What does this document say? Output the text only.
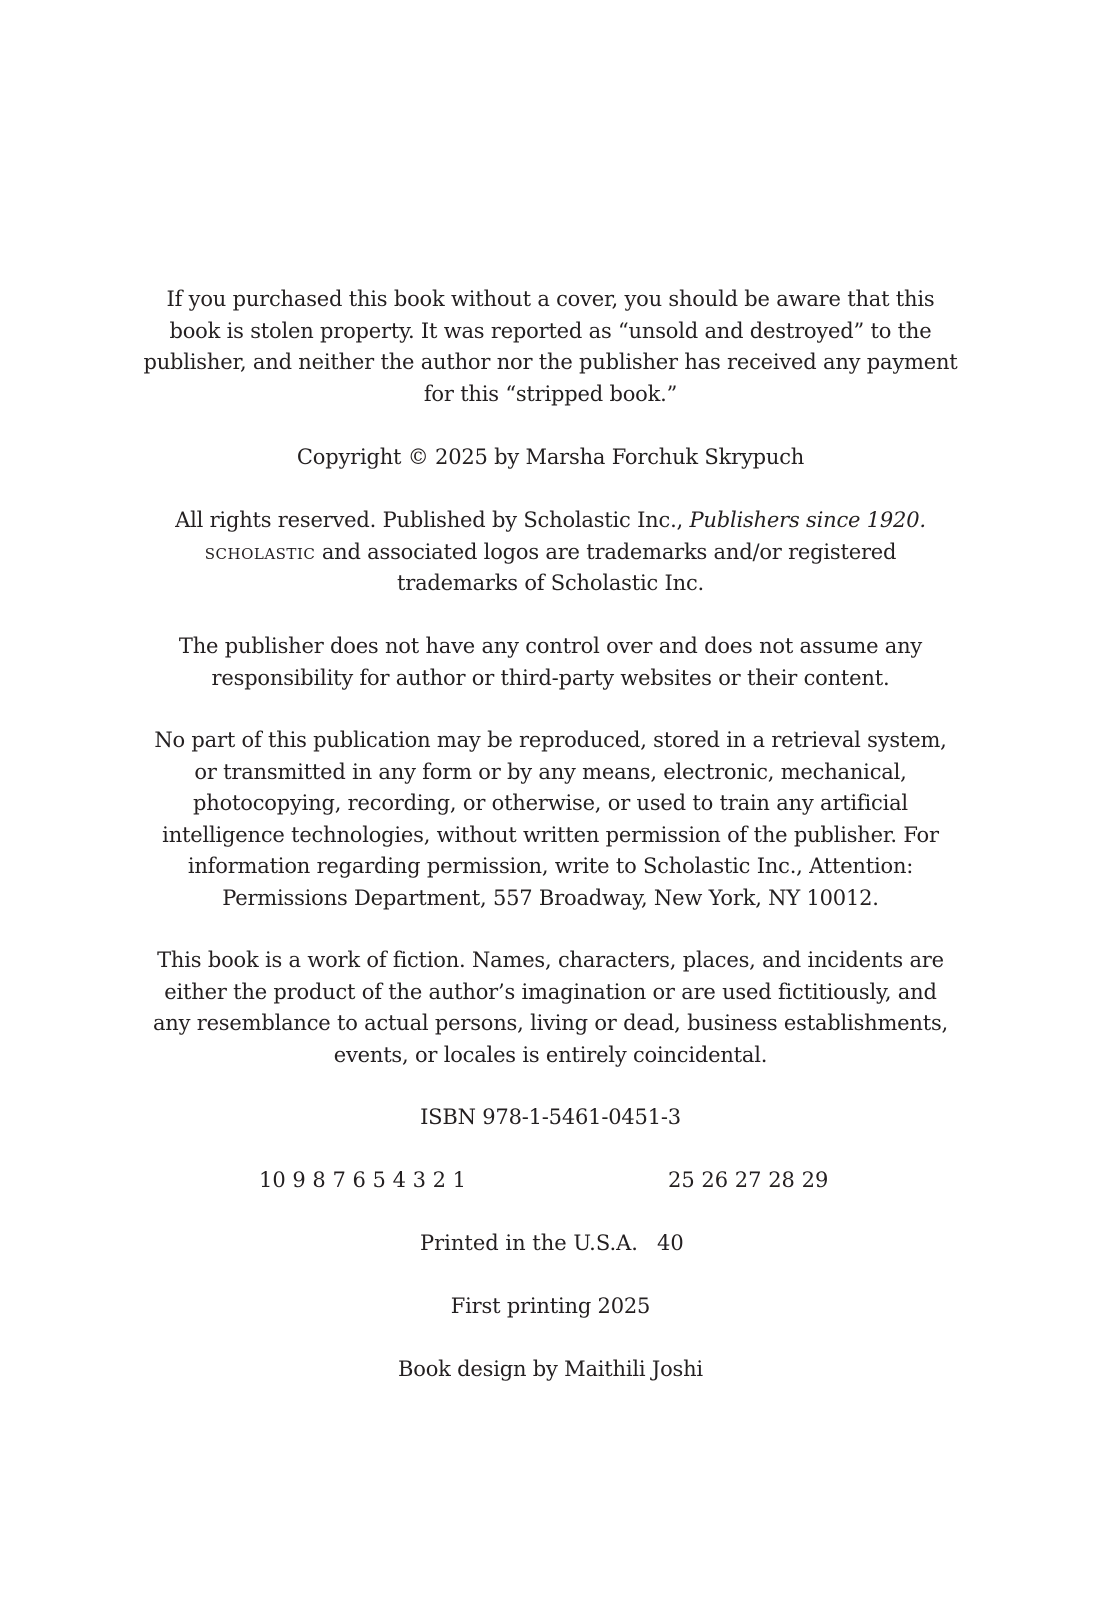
If you purchased this book without a cover, you should be aware that this
book is stolen property. It was reported as “unsold and destroyed” to the
publisher, and neither the author nor the publisher has received any payment
for this “stripped book.”
Copyright © 2025 by Marsha Forchuk Skrypuch
All rights reserved. Published by Scholastic Inc., Publishers since 1920.
scholastic and associated logos are trademarks and/or registered
trademarks of Scholastic Inc.
The publisher does not have any control over and does not assume any
responsibility for author or third-party websites or their content.
No part of this publication may be reproduced, stored in a retrieval system,
or transmitted in any form or by any means, electronic, mechanical,
photocopying, recording, or otherwise, or used to train any artificial
intelligence technologies, without written permission of the publisher. For
information regarding permission, write to Scholastic Inc., Attention:
Permissions Department, 557 Broadway, New York, NY 10012.
This book is a work of fiction. Names, characters, places, and incidents are
either the product of the author’s imagination or are used fictitiously, and
any resemblance to actual persons, living or dead, business establishments,
events, or locales is entirely coincidental.
ISBN 978-1-5461-0451-3
10 9 8 7 6 5 4 3 2 1	25 26 27 28 29
Printed in the U.S.A. 40
First printing 2025
Book design by Maithili Joshi
